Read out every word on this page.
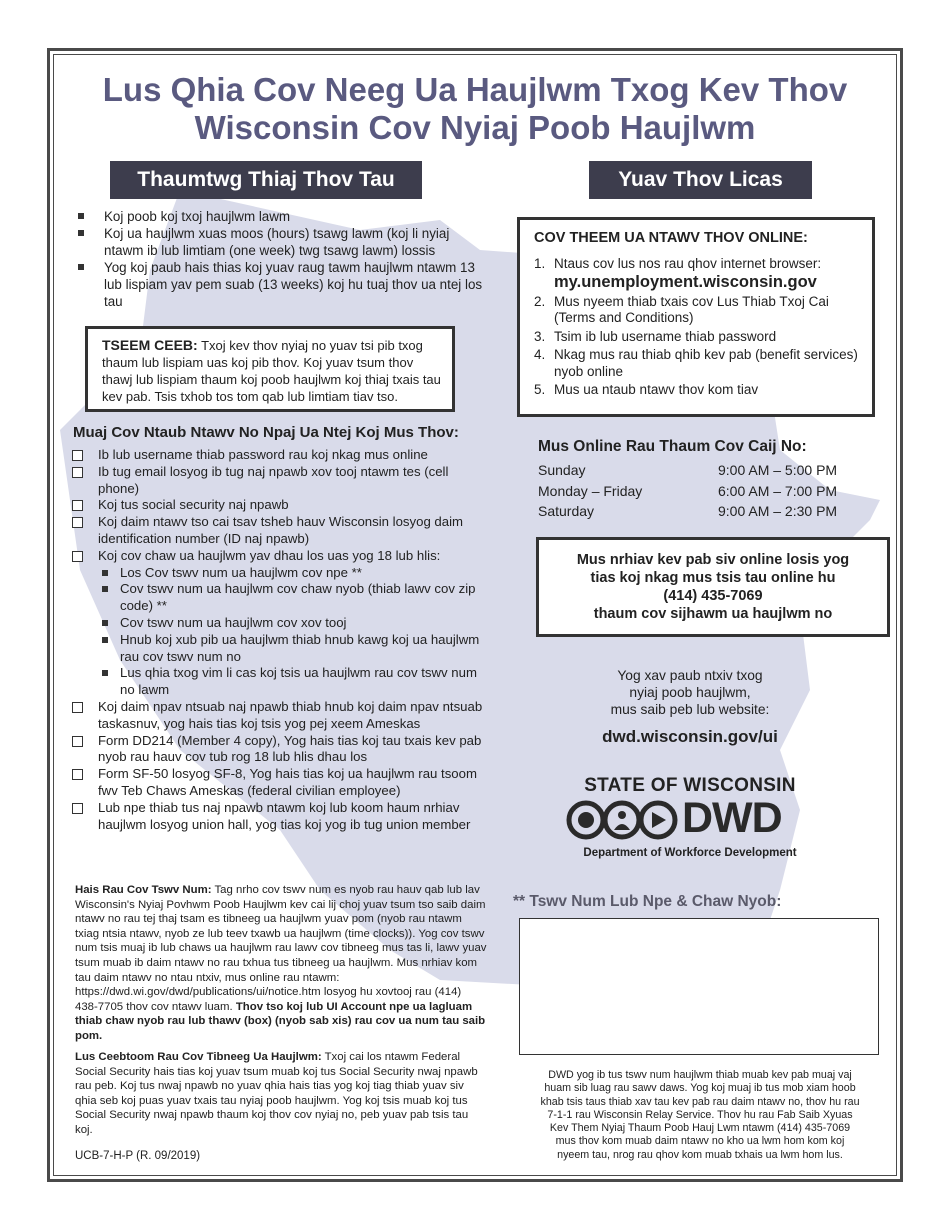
Lus Qhia Cov Neeg Ua Haujlwm Txog Kev Thov
Wisconsin Cov Nyiaj Poob Haujlwm
Thaumtwg Thiaj Thov Tau	Yuav Thov Licas
Koj poob koj txoj haujlwm lawm
Koj ua haujlwm xuas moos (hours) tsawg lawm (koj li nyiaj ntawm ib lub limtiam (one week) twg tsawg lawm) lossis
Yog koj paub hais thias koj yuav raug tawm haujlwm ntawm 13 lub lispiam yav pem suab (13 weeks) koj hu tuaj thov ua ntej los tau
TSEEM CEEB: Txoj kev thov nyiaj no yuav tsi pib txog thaum lub lispiam uas koj pib thov. Koj yuav tsum thov thawj lub lispiam thaum koj poob haujlwm koj thiaj txais tau kev pab. Tsis txhob tos tom qab lub limtiam tiav tso.
Muaj Cov Ntaub Ntawv No Npaj Ua Ntej Koj Mus Thov:
Ib lub username thiab password rau koj nkag mus online
Ib tug email losyog ib tug naj npawb xov tooj ntawm tes (cell phone)
Koj tus social security naj npawb
Koj daim ntawv tso cai tsav tsheb hauv Wisconsin losyog daim identification number (ID naj npawb)
Koj cov chaw ua haujlwm yav dhau los uas yog 18 lub hlis:
Los Cov tswv num ua haujlwm cov npe **
Cov tswv num ua haujlwm cov chaw nyob (thiab lawv cov zip code) **
Cov tswv num ua haujlwm cov xov tooj
Hnub koj xub pib ua haujlwm thiab hnub kawg koj ua haujlwm rau cov tswv num no
Lus qhia txog vim li cas koj tsis ua haujlwm rau cov tswv num no lawm
Koj daim npav ntsuab naj npawb thiab hnub koj daim npav ntsuab taskasnuv, yog hais tias koj tsis yog pej xeem Ameskas
Form DD214 (Member 4 copy), Yog hais tias koj tau txais kev pab nyob rau hauv cov tub rog 18 lub hlis dhau los
Form SF-50 losyog SF-8, Yog hais tias koj ua haujlwm rau tsoom fwv Teb Chaws Ameskas (federal civilian employee)
Lub npe thiab tus naj npawb ntawm koj lub koom haum nrhiav haujlwm losyog union hall, yog tias koj yog ib tug union member
Hais Rau Cov Tswv Num: Tag nrho cov tswv num es nyob rau hauv qab lub lav Wisconsin's Nyiaj Povhwm Poob Haujlwm kev cai lij choj yuav tsum tso saib daim ntawv no rau tej thaj tsam es tibneeg ua haujlwm yuav pom (nyob rau ntawm txiag ntsia ntawv, nyob ze lub teev txawb ua haujlwm (time clocks)). Yog cov tswv num tsis muaj ib lub chaws ua haujlwm rau lawv cov tibneeg mus tas li, lawv yuav tsum muab ib daim ntawv no rau txhua tus tibneeg ua haujlwm. Mus nrhiav kom tau daim ntawv no ntau ntxiv, mus online rau ntawm: https://dwd.wi.gov/dwd/publications/ui/notice.htm losyog hu xovtooj rau (414) 438-7705 thov cov ntawv luam. Thov tso koj lub UI Account npe ua lagluam thiab chaw nyob rau lub thawv (box) (nyob sab xis) rau cov ua num tau saib pom.
Lus Ceebtoom Rau Cov Tibneeg Ua Haujlwm: Txoj cai los ntawm Federal Social Security hais tias koj yuav tsum muab koj tus Social Security nwaj npawb rau peb. Koj tus nwaj npawb no yuav qhia hais tias yog koj tiag thiab yuav siv qhia seb koj puas yuav txais tau nyiaj poob haujlwm. Yog koj tsis muab koj tus Social Security nwaj npawb thaum koj thov cov nyiaj no, peb yuav pab tsis tau koj.
UCB-7-H-P (R. 09/2019)
COV THEEM UA NTAWV THOV ONLINE:
1. Ntaus cov lus nos rau qhov internet browser:
my.unemployment.wisconsin.gov
2. Mus nyeem thiab txais cov Lus Thiab Txoj Cai (Terms and Conditions)
3. Tsim ib lub username thiab password
4. Nkag mus rau thiab qhib kev pab (benefit services) nyob online
5. Mus ua ntaub ntawv thov kom tiav
Mus Online Rau Thaum Cov Caij No:
Sunday	9:00 AM – 5:00 PM
Monday – Friday	6:00 AM – 7:00 PM
Saturday	9:00 AM – 2:30 PM
Mus nrhiav kev pab siv online losis yog
tias koj nkag mus tsis tau online hu
(414) 435-7069
thaum cov sijhawm ua haujlwm no
Yog xav paub ntxiv txog
nyiaj poob haujlwm,
mus saib peb lub website:
dwd.wisconsin.gov/ui
STATE OF WISCONSIN
DWD
Department of Workforce Development
** Tswv Num Lub Npe & Chaw Nyob:
DWD yog ib tus tswv num haujlwm thiab muab kev pab muaj vaj
huam sib luag rau sawv daws. Yog koj muaj ib tus mob xiam hoob
khab tsis taus thiab xav tau kev pab rau daim ntawv no, thov hu rau
7-1-1 rau Wisconsin Relay Service. Thov hu rau Fab Saib Xyuas
Kev Them Nyiaj Thaum Poob Hauj Lwm ntawm (414) 435-7069
mus thov kom muab daim ntawv no kho ua lwm hom kom koj
nyeem tau, nrog rau qhov kom muab txhais ua lwm hom lus.
